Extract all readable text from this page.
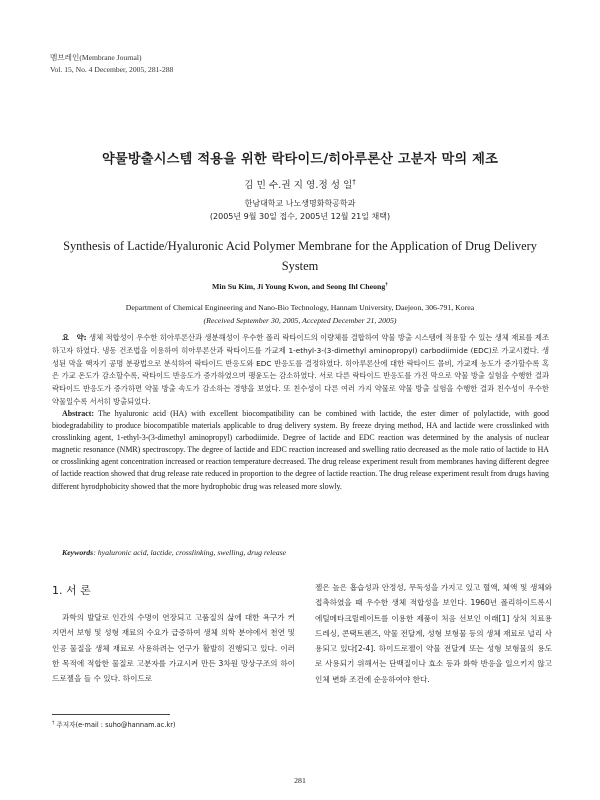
멤브레인(Membrane Journal)
Vol. 15, No. 4 December, 2005, 281-288
약물방출시스템 적용을 위한 락타이드/히아루론산 고분자 막의 제조
김 민 수․권 지 영․정 성 일†
한남대학교 나노생명화학공학과
(2005년 9월 30일 접수, 2005년 12월 21일 채택)
Synthesis of Lactide/Hyaluronic Acid Polymer Membrane for the Application of Drug Delivery System
Min Su Kim, Ji Young Kwon, and Seong Ihl Cheong†
Department of Chemical Engineering and Nano-Bio Technology, Hannam University, Daejeon, 306-791, Korea
(Received September 30, 2005, Accepted December 21, 2005)
요　약: 생체 적합성이 우수한 히아루론산과 생분해성이 우수한 폴리 락타이드의 이량체를 결합하여 약물 방출 시스템에 적용할 수 있는 생체 재료를 제조하고자 하였다. 냉동 건조법을 이용하여 히아루론산과 락타이드를 가교제 1-ethyl-3-(3-dimethyl aminopropyl) carbodiimide (EDC)로 가교시켰다. 생성된 막을 핵자기 공명 분광법으로 분석하여 락타이드 반응도와 EDC 반응도를 결정하였다. 히아루론산에 대한 락타이드 몰비, 가교제 농도가 증가할수록 혹은 가교 온도가 감소할수록, 락타이드 반응도가 증가하였으며 팽윤도는 감소하였다. 서로 다른 락타이드 반응도를 가진 막으로 약물 방출 실험을 수행한 결과 락타이드 반응도가 증가하면 약물 방출 속도가 감소하는 경향을 보였다. 또 친수성이 다른 여러 가지 약물로 약물 방출 실험을 수행한 결과 친수성이 우수한 약물일수록 서서히 방출되었다.
Abstract: The hyaluronic acid (HA) with excellent biocompatibility can be combined with lactide, the ester dimer of polylactide, with good biodegradability to produce biocompatible materials applicable to drug delivery system. By freeze drying method, HA and lactide were crosslinked with crosslinking agent, 1-ethyl-3-(3-dimethyl aminopropyl) carbodiimide. Degree of lactide and EDC reaction was determined by the analysis of nuclear magnetic resonance (NMR) spectroscopy. The degree of lactide and EDC reaction increased and swelling ratio decreased as the mole ratio of lactide to HA or crosslinking agent concentration increased or reaction temperature decreased. The drug release experiment result from membranes having different degree of lactide reaction showed that drug release rate reduced in proportion to the degree of lactide reaction. The drug release experiment result from drugs having different hyrodphobicity showed that the more hydrophobic drug was released more slowly.
Keywords: hyaluronic acid, lactide, crosslinking, swelling, drug release
1. 서 론
과학의 발달로 인간의 수명이 연장되고 고품질의 삶에 대한 욕구가 커지면서 보형 및 성형 재료의 수요가 급증하여 생체 의학 분야에서 천연 및 인공 물질을 생체 재료로 사용하려는 연구가 활발히 진행되고 있다. 이러한 목적에 적합한 물질로 고분자를 가교시켜 만든 3차원 망상구조의 하이드로젤을 들 수 있다. 하이드로
젤은 높은 흡습성과 안정성, 무독성을 가지고 있고 혈액, 체액 및 생체와 접촉하였을 때 우수한 생체 적합성을 보인다. 1960년 폴리하이드록시 에틸메타크릴레이트를 이용한 제품이 처음 선보인 이래[1] 상처 치료용 드레싱, 콘택트렌즈, 약물 전달계, 성형 보형물 등의 생체 재료로 널리 사용되고 있다[2-4]. 하이드로젤이 약물 전달계 또는 성형 보형물의 용도로 사용되기 위해서는 단백질이나 효소 등과 화학 반응을 일으키지 않고 인체 변화 조건에 순응하여야 한다.
† 주저자(e-mail : suho@hannam.ac.kr)
281
